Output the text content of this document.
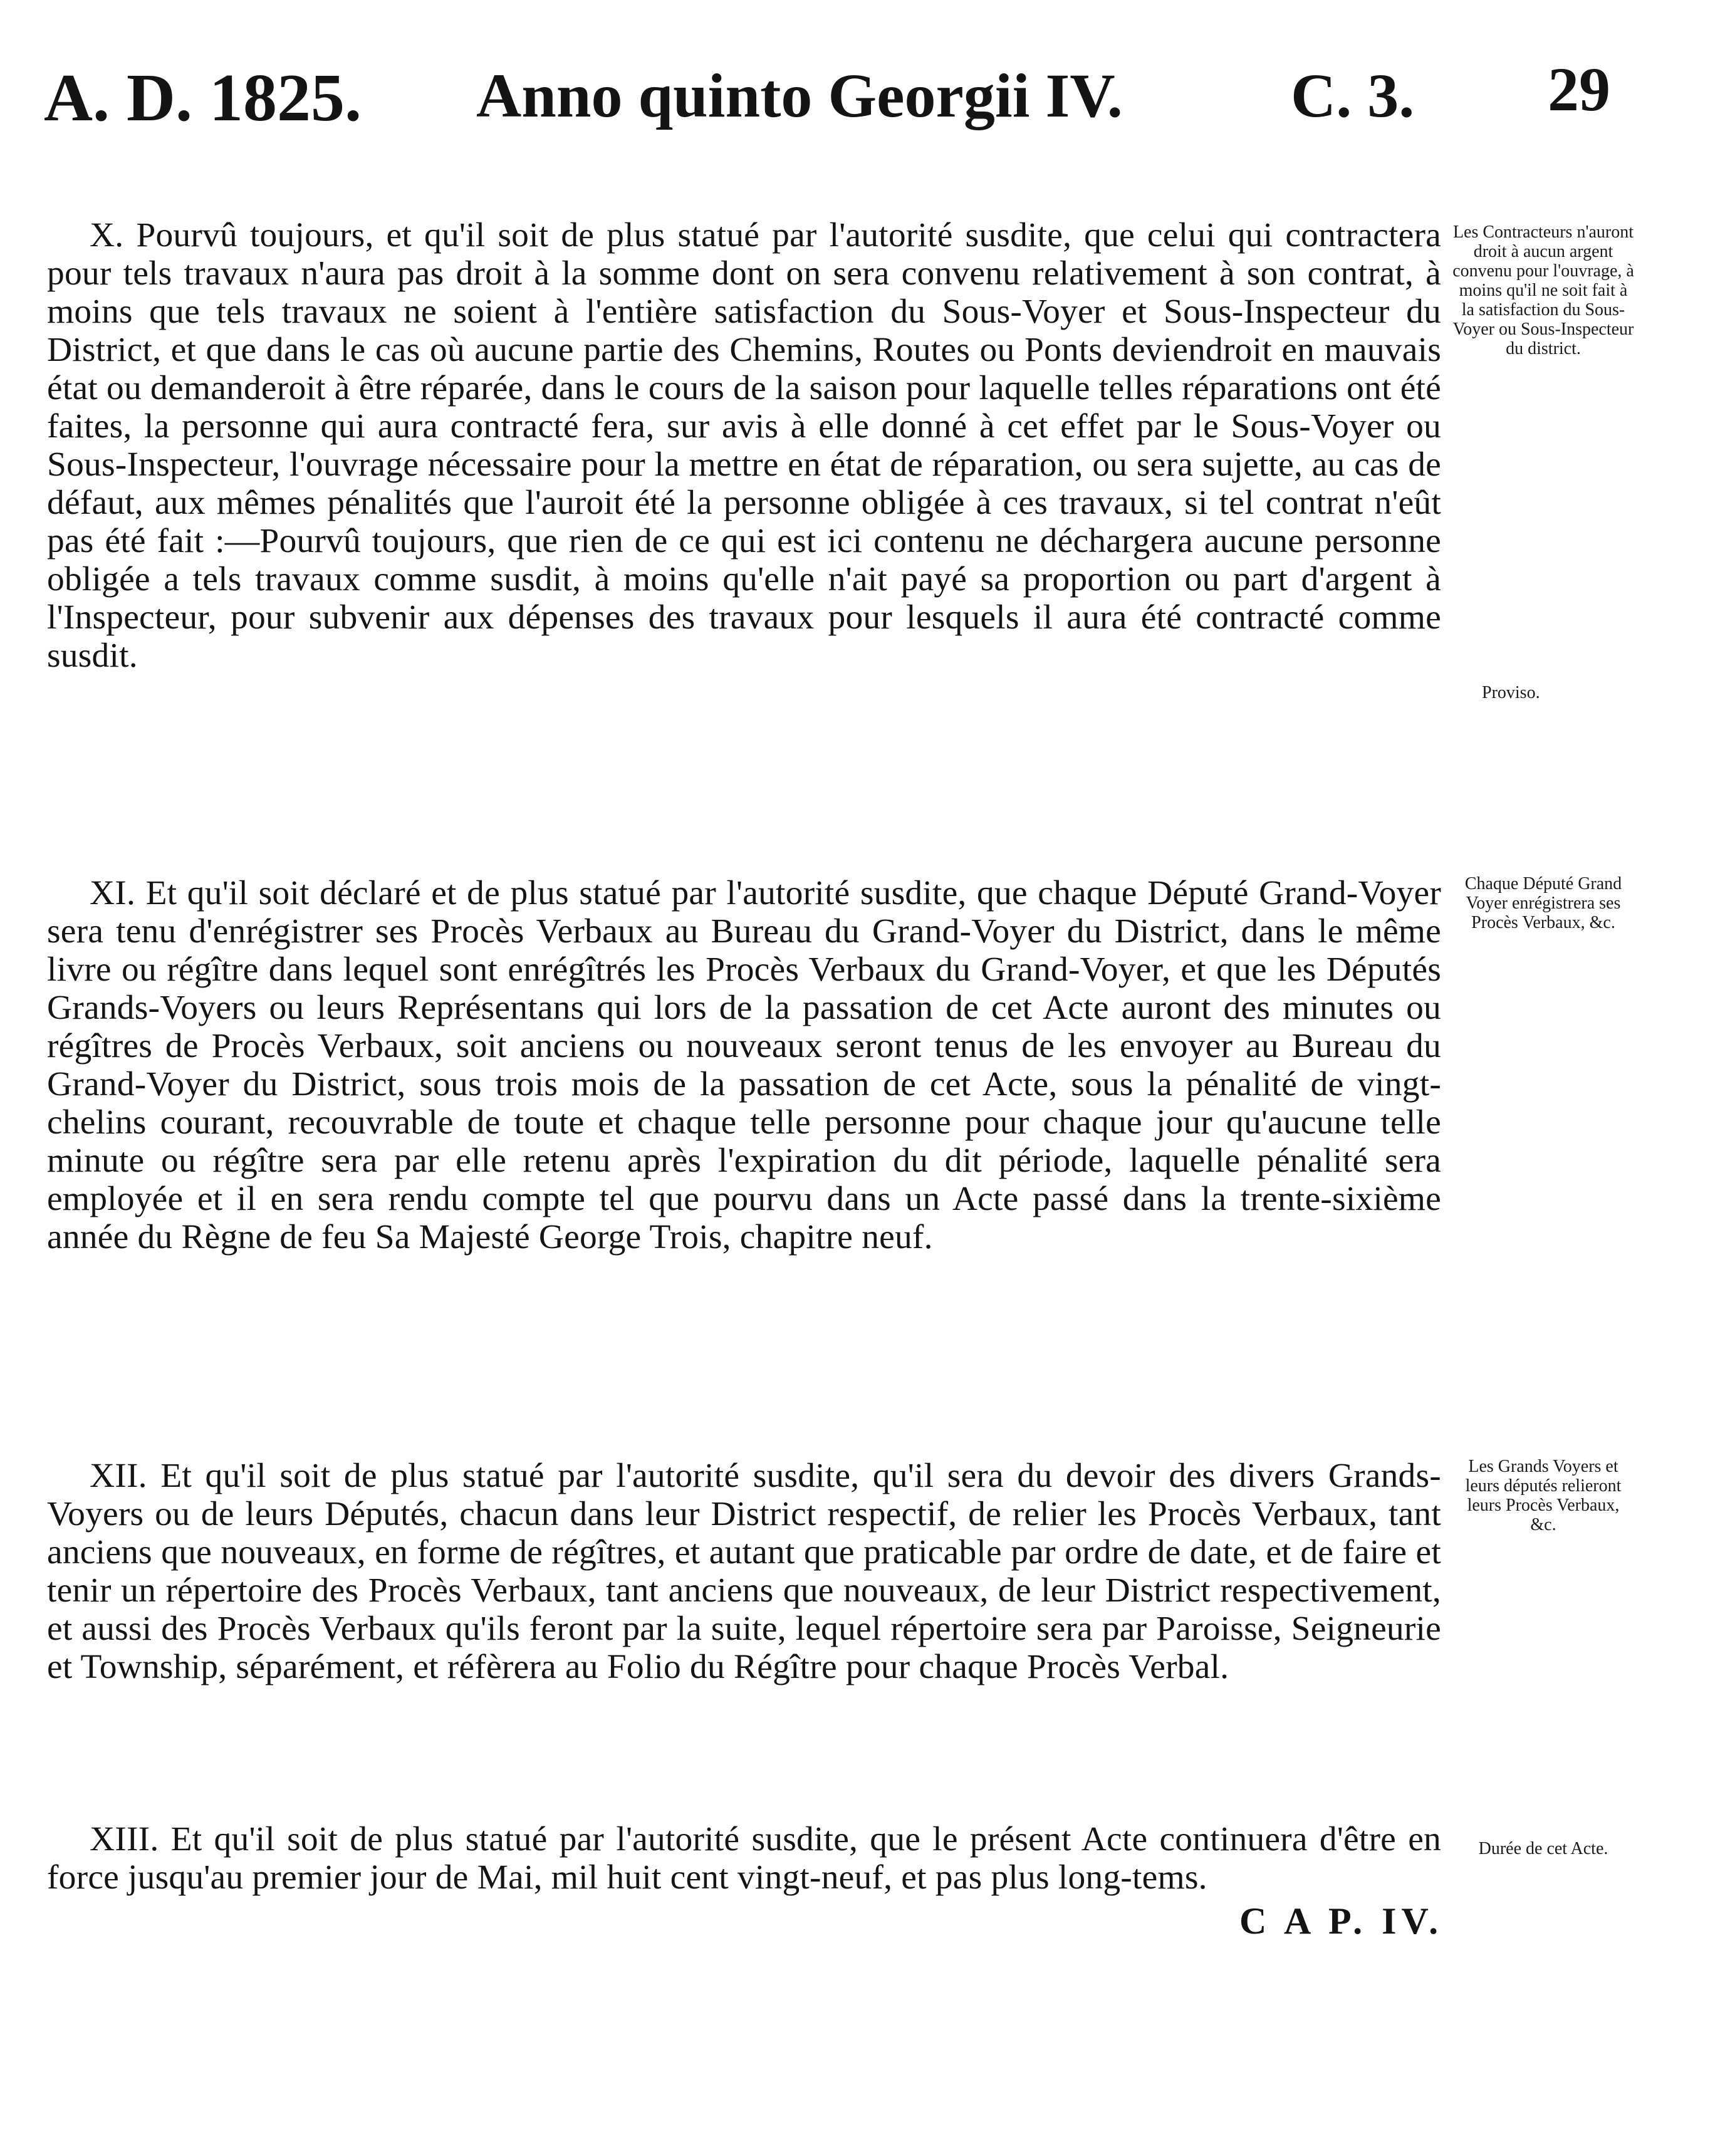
A. D. 1825. Anno quinto Georgii IV.	C. 3. 29

X. Pourvû toujours, et qu'il soit de plus statué par l'autorité susdite, que celui qui contractera pour tels travaux n'aura pas droit à la somme dont on sera convenu relativement à son contrat, à moins que tels travaux ne soient à l'entière satisfaction du Sous-Voyer et Sous-Inspecteur du District, et que dans le cas où aucune partie des Chemins, Routes ou Ponts deviendroit en mauvais état ou demanderoit à être réparée, dans le cours de la saison pour laquelle telles réparations ont été faites, la personne qui aura contracté fera, sur avis à elle donné à cet effet par le Sous-Voyer ou Sous-Inspecteur, l'ouvrage nécessaire pour la mettre en état de réparation, ou sera sujette, au cas de défaut, aux mêmes pénalités que l'auroit été la personne obligée à ces travaux, si tel contrat n'eût pas été fait :—Pourvû toujours, que rien de ce qui est ici contenu ne déchargera aucune personne obligée a tels travaux comme susdit, à moins qu'elle n'ait payé sa proportion ou part d'argent à l'Inspecteur, pour subvenir aux dépenses des travaux pour lesquels il aura été contracté comme susdit.

Les Contracteurs n'auront droit à aucun argent convenu pour l'ouvrage, à moins qu'il ne soit fait à la satisfaction du Sous-Voyer ou Sous-Inspecteur du district.
Proviso.

XI. Et qu'il soit déclaré et de plus statué par l'autorité susdite, que chaque Député Grand-Voyer sera tenu d'enrégistrer ses Procès Verbaux au Bureau du Grand-Voyer du District, dans le même livre ou régître dans lequel sont enrégîtrés les Procès Verbaux du Grand-Voyer, et que les Députés Grands-Voyers ou leurs Représentans qui lors de la passation de cet Acte auront des minutes ou régîtres de Procès Verbaux, soit anciens ou nouveaux seront tenus de les envoyer au Bureau du Grand-Voyer du District, sous trois mois de la passation de cet Acte, sous la pénalité de vingt-chelins courant, recouvrable de toute et chaque telle personne pour chaque jour qu'aucune telle minute ou régître sera par elle retenu après l'expiration du dit période, laquelle pénalité sera employée et il en sera rendu compte tel que pourvu dans un Acte passé dans la trente-sixième année du Règne de feu Sa Majesté George Trois, chapitre neuf.

Chaque Député Grand Voyer enrégistrera ses Procès Verbaux, &c.

XII. Et qu'il soit de plus statué par l'autorité susdite, qu'il sera du devoir des divers Grands-Voyers ou de leurs Députés, chacun dans leur District respectif, de relier les Procès Verbaux, tant anciens que nouveaux, en forme de régîtres, et autant que praticable par ordre de date, et de faire et tenir un répertoire des Procès Verbaux, tant anciens que nouveaux, de leur District respectivement, et aussi des Procès Verbaux qu'ils feront par la suite, lequel répertoire sera par Paroisse, Seigneurie et Township, séparément, et réfèrera au Folio du Régître pour chaque Procès Verbal.

Les Grands Voyers et leurs députés relieront leurs Procès Verbaux, &c.

XIII. Et qu'il soit de plus statué par l'autorité susdite, que le présent Acte continuera d'être en force jusqu'au premier jour de Mai, mil huit cent vingt-neuf, et pas plus long-tems.

Durée de cet Acte.
C A P. IV.
